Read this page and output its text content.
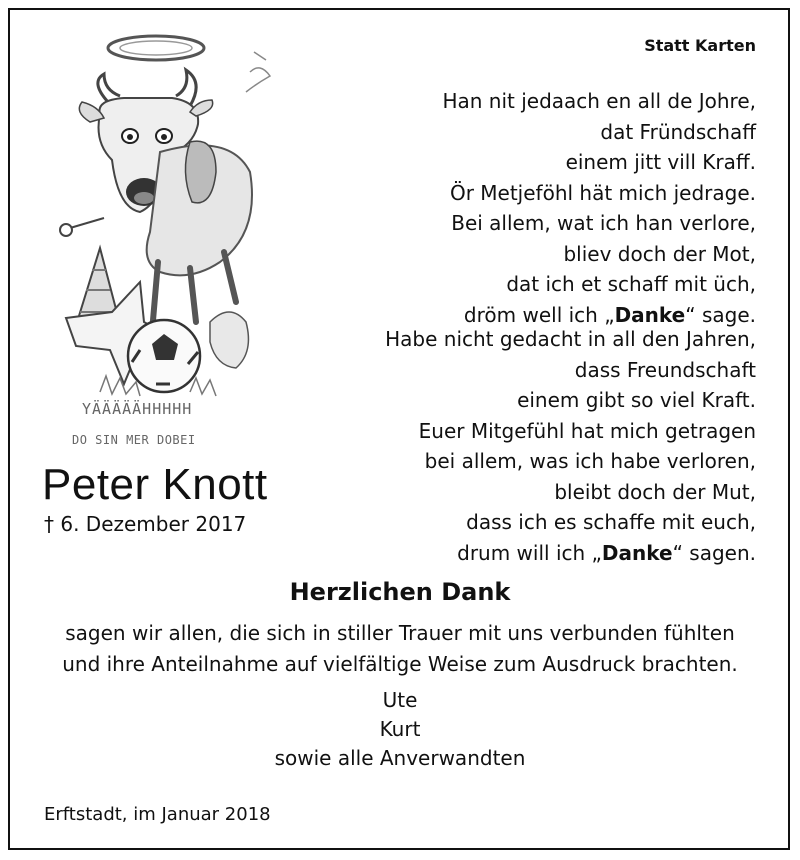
Statt Karten
YÄÄÄÄÄHHHHH
DO SIN MER DOBEI
Peter Knott
† 6. Dezember 2017
Han nit jedaach en all de Johre,
dat Fründschaff
einem jitt vill Kraff.
Ör Metjeföhl hät mich jedrage.
Bei allem, wat ich han verlore,
bliev doch der Mot,
dat ich et schaff mit üch,
dröm well ich „Danke“ sage.
Habe nicht gedacht in all den Jahren,
dass Freundschaft
einem gibt so viel Kraft.
Euer Mitgefühl hat mich getragen
bei allem, was ich habe verloren,
bleibt doch der Mut,
dass ich es schaffe mit euch,
drum will ich „Danke“ sagen.
Herzlichen Dank
sagen wir allen, die sich in stiller Trauer mit uns verbunden fühlten
und ihre Anteilnahme auf vielfältige Weise zum Ausdruck brachten.
Ute
Kurt
sowie alle Anverwandten
Erftstadt, im Januar 2018
